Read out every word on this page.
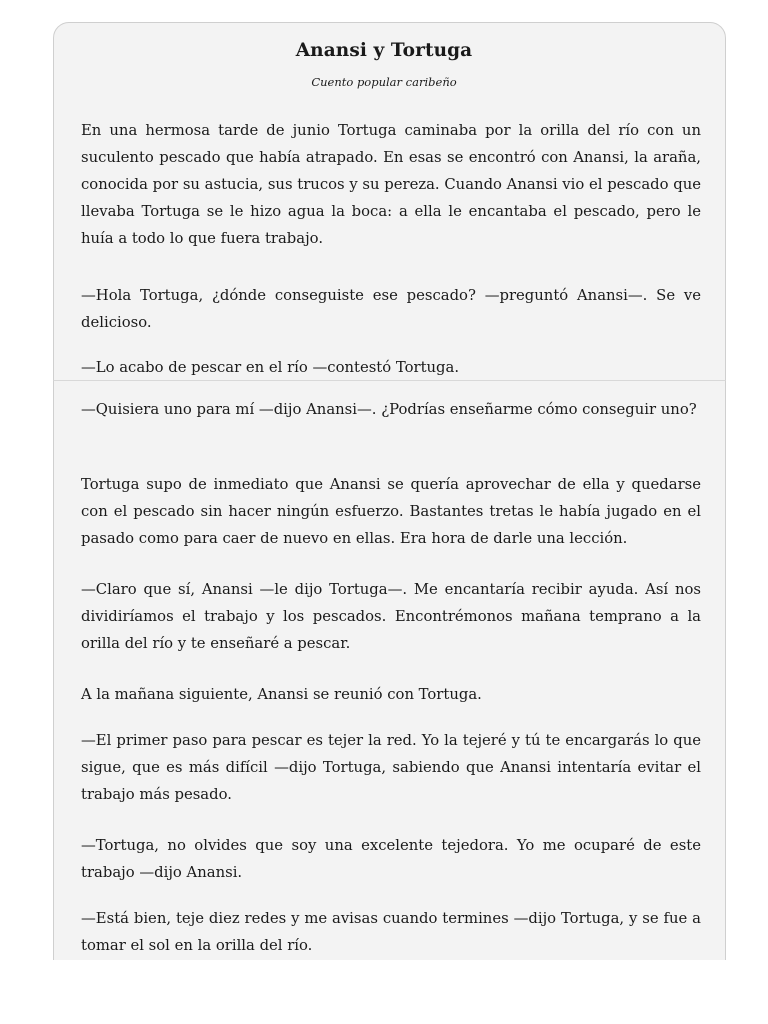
Anansi y Tortuga
Cuento popular caribeño

En una hermosa tarde de junio Tortuga caminaba por la orilla del río con un suculento pescado que había atrapado. En esas se encontró con Anansi, la araña, conocida por su astucia, sus trucos y su pereza. Cuando Anansi vio el pescado que llevaba Tortuga se le hizo agua la boca: a ella le encantaba el pescado, pero le huía a todo lo que fuera trabajo.

—Hola Tortuga, ¿dónde conseguiste ese pescado? —preguntó Anansi—. Se ve delicioso.

—Lo acabo de pescar en el río —contestó Tortuga.

—Quisiera uno para mí —dijo Anansi—. ¿Podrías enseñarme cómo conseguir uno?

Tortuga supo de inmediato que Anansi se quería aprovechar de ella y quedarse con el pescado sin hacer ningún esfuerzo. Bastantes tretas le había jugado en el pasado como para caer de nuevo en ellas. Era hora de darle una lección.

—Claro que sí, Anansi —le dijo Tortuga—. Me encantaría recibir ayuda. Así nos dividiríamos el trabajo y los pescados. Encontrémonos mañana temprano a la orilla del río y te enseñaré a pescar.

A la mañana siguiente, Anansi se reunió con Tortuga.

—El primer paso para pescar es tejer la red. Yo la tejeré y tú te encargarás lo que sigue, que es más difícil —dijo Tortuga, sabiendo que Anansi intentaría evitar el trabajo más pesado.

—Tortuga, no olvides que soy una excelente tejedora. Yo me ocuparé de este trabajo —dijo Anansi.

—Está bien, teje diez redes y me avisas cuando termines —dijo Tortuga, y se fue a tomar el sol en la orilla del río.
